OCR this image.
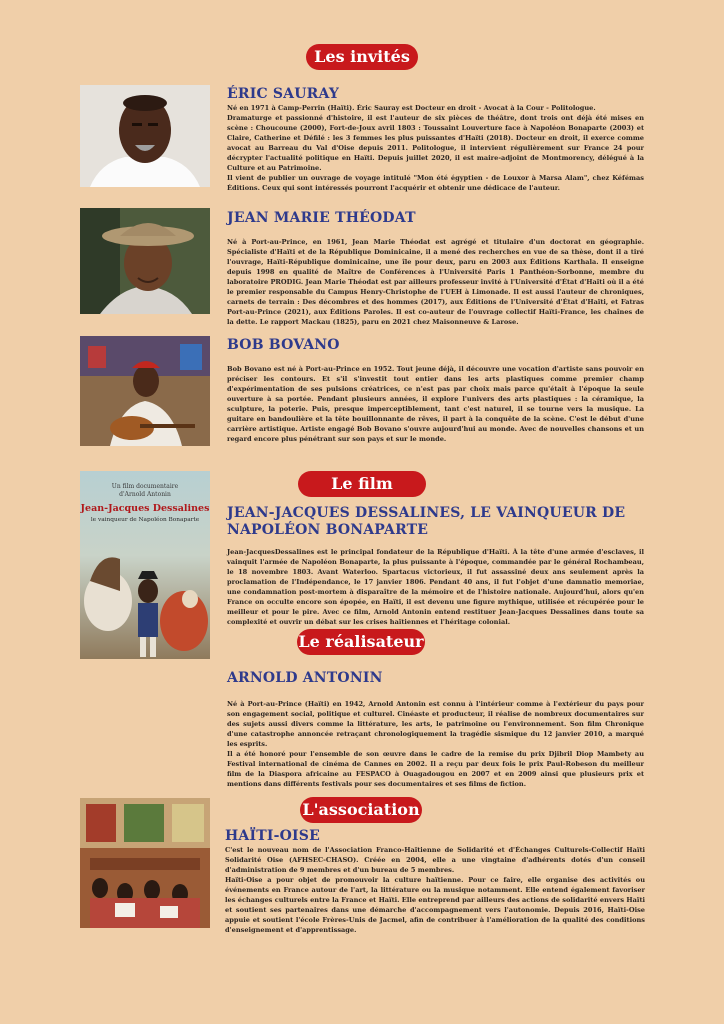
Les invités
ÉRIC SAURAY

Né en 1971 à Camp-Perrin (Haïti). Éric Sauray est Docteur en droit - Avocat à la Cour - Politologue.

Dramaturge et passionné d'histoire, il est l'auteur de six pièces de théâtre, dont trois ont déjà été mises en scène : Choucoune (2000), Fort-de-Joux avril 1803 : Toussaint Louverture face à Napoléon Bonaparte (2003) et Claire, Catherine et Défilé : les 3 femmes les plus puissantes d'Haïti (2018). Docteur en droit, il exerce comme avocat au Barreau du Val d'Oise depuis 2011. Politologue, il intervient régulièrement sur France 24 pour décrypter l'actualité politique en Haïti. Depuis juillet 2020, il est maire-adjoint de Montmorency, délégué à la Culture et au Patrimoine.

Il vient de publier un ouvrage de voyage intitulé "Mon été égyptien - de Louxor à Marsa Alam", chez Kéfémas Éditions. Ceux qui sont intéressés pourront l'acquérir et obtenir une dédicace de l'auteur.

JEAN MARIE THÉODAT

Né à Port-au-Prince, en 1961, Jean Marie Théodat est agrégé et titulaire d'un doctorat en géographie. Spécialiste d'Haïti et de la République Dominicaine, il a mené des recherches en vue de sa thèse, dont il a tiré l'ouvrage, Haïti-République dominicaine, une île pour deux, paru en 2003 aux Éditions Karthala. Il enseigne depuis 1998 en qualité de Maître de Conférences à l'Université Paris 1 Panthéon-Sorbonne, membre du laboratoire PRODIG. Jean Marie Théodat est par ailleurs professeur invité à l'Université d'État d'Haïti où il a été le premier responsable du Campus Henry-Christophe de l'UEH à Limonade. Il est aussi l'auteur de chroniques, carnets de terrain : Des décombres et des hommes (2017), aux Éditions de l'Université d'État d'Haïti, et Fatras Port-au-Prince (2021), aux Éditions Paroles. Il est co-auteur de l'ouvrage collectif Haïti-France, les chaînes de la dette. Le rapport Mackau (1825), paru en 2021 chez Maisonneuve & Larose.

BOB BOVANO

Bob Bovano est né à Port-au-Prince en 1952. Tout jeune déjà, il découvre une vocation d'artiste sans pouvoir en préciser les contours. Et s'il s'investit tout entier dans les arts plastiques comme premier champ d'expérimentation de ses pulsions créatrices, ce n'est pas par choix mais parce qu'était à l'époque la seule ouverture à sa portée. Pendant plusieurs années, il explore l'univers des arts plastiques : la céramique, la sculpture, la poterie. Puis, presque imperceptiblement, tant c'est naturel, il se tourne vers la musique. La guitare en bandoulière et la tête bouillonnante de rêves, il part à la conquête de la scène. C'est le début d'une carrière artistique. Artiste engagé Bob Bovano s'ouvre aujourd'hui au monde. Avec de nouvelles chansons et un regard encore plus pénétrant sur son pays et sur le monde.

Le film
Un film documentaire
d'Arnold Antonin
Jean-Jacques Dessalines
le vainqueur de Napoléon Bonaparte	JEAN-JACQUES DESSALINES, LE VAINQUEUR DE NAPOLÉON BONAPARTE

Jean-JacquesDessalines est le principal fondateur de la République d'Haïti. À la tête d'une armée d'esclaves, il vainquit l'armée de Napoléon Bonaparte, la plus puissante à l'époque, commandée par le général Rochambeau, le 18 novembre 1803. Avant Waterloo. Spartacus victorieux, il fut assassiné deux ans seulement après la proclamation de l'Indépendance, le 17 janvier 1806. Pendant 40 ans, il fut l'objet d'une damnatio memoriae, une condamnation post-mortem à disparaître de la mémoire et de l'histoire nationale. Aujourd'hui, alors qu'en France on occulte encore son épopée, en Haïti, il est devenu une figure mythique, utilisée et récupérée pour le meilleur et pour le pire. Avec ce film, Arnold Antonin entend restituer Jean-Jacques Dessalines dans toute sa complexité et ouvrir un débat sur les crises haïtiennes et l'héritage colonial.

Le réalisateur
ARNOLD ANTONIN

Né à Port-au-Prince (Haïti) en 1942, Arnold Antonin est connu à l'intérieur comme à l'extérieur du pays pour son engagement social, politique et culturel. Cinéaste et producteur, il réalise de nombreux documentaires sur des sujets aussi divers comme la littérature, les arts, le patrimoine ou l'environnement. Son film Chronique d'une catastrophe annoncée retraçant chronologiquement la tragédie sismique du 12 janvier 2010, a marqué les esprits.

Il a été honoré pour l'ensemble de son œuvre dans le cadre de la remise du prix Djibril Diop Mambety au Festival international de cinéma de Cannes en 2002. Il a reçu par deux fois le prix Paul-Robeson du meilleur film de la Diaspora africaine au FESPACO à Ouagadougou en 2007 et en 2009 ainsi que plusieurs prix et mentions dans différents festivals pour ses documentaires et ses films de fiction.

L'association
HAÏTI-OISE

C'est le nouveau nom de l'Association Franco-Haïtienne de Solidarité et d'Échanges Culturels-Collectif Haïti Solidarité Oise (AFHSEC-CHASO). Créée en 2004, elle a une vingtaine d'adhérents dotés d'un conseil d'administration de 9 membres et d'un bureau de 5 membres.

Haïti-Oise a pour objet de promouvoir la culture haïtienne. Pour ce faire, elle organise des activités ou événements en France autour de l'art, la littérature ou la musique notamment. Elle entend également favoriser les échanges culturels entre la France et Haïti. Elle entreprend par ailleurs des actions de solidarité envers Haïti et soutient ses partenaires dans une démarche d'accompagnement vers l'autonomie. Depuis 2016, Haïti-Oise appuie et soutient l'école Frères-Unis de Jacmel, afin de contribuer à l'amélioration de la qualité des conditions d'enseignement et d'apprentissage.
